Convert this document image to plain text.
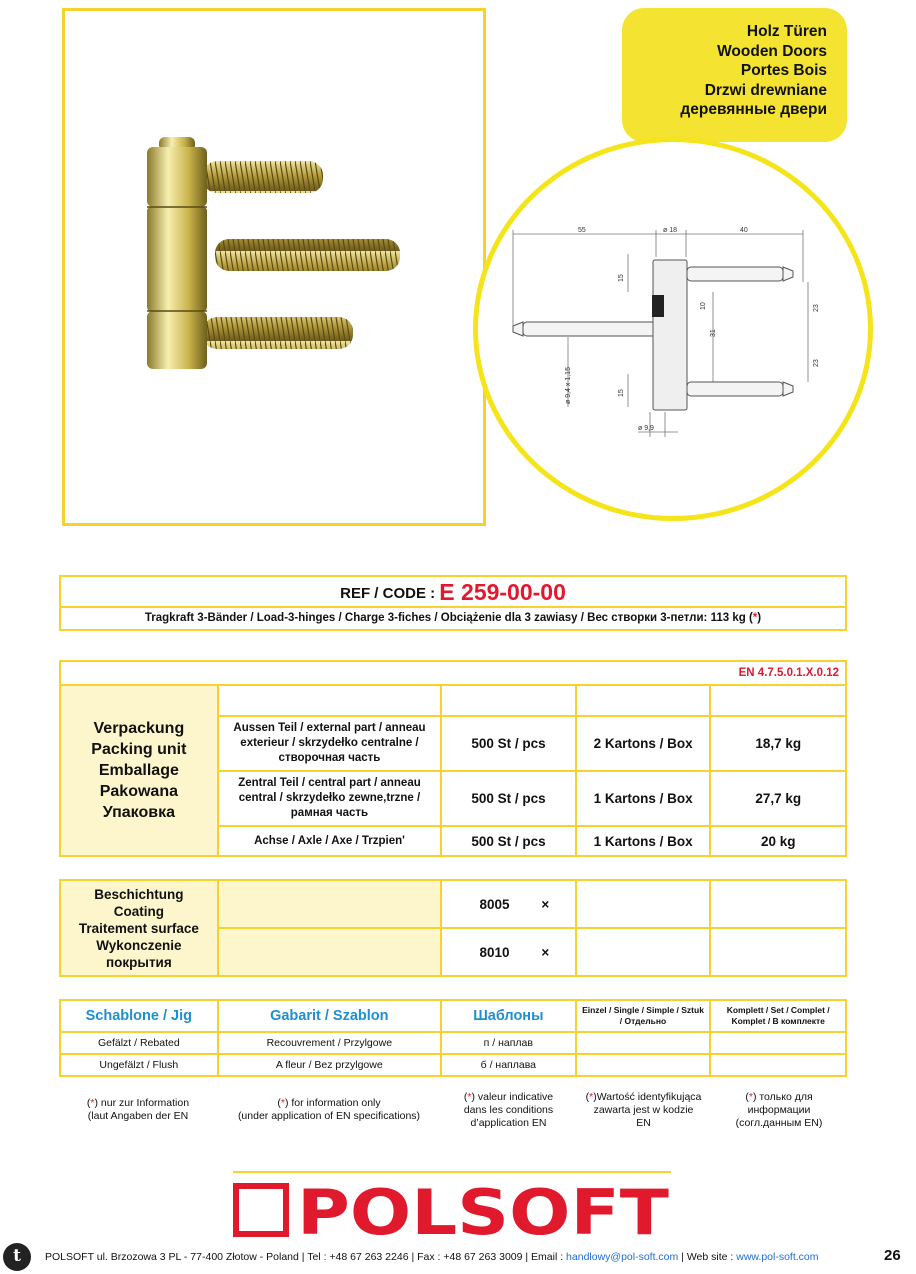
Holz Türen
Wooden Doors
Portes Bois
Drzwi drewniane
деревянные двери
55	ø 18	40
15
10
31
23
23
ø 9,4 x 1,15	15
ø 9,9
REF / CODE : E 259-00-00
Tragkraft 3-Bänder / Load-3-hinges / Charge 3-fiches / Obciążenie dla 3 zawiasy / Вес створки 3-петли: 113 kg (*)
EN 4.7.5.0.1.X.0.12				

Verpackung
Packing unit
Emballage
Pakowana
Упаковка				

	Aussen Teil / external part / anneau exterieur / skrzydełko centralne / створочная часть	500 St / pcs	2 Kartons / Box	18,7 kg
	Zentral Teil / central part / anneau central / skrzydełko zewne,trzne / рамная часть	500 St / pcs	1 Kartons / Box	27,7 kg
	Achse / Axle / Axe / Trzpien'	500 St / pcs	1 Kartons / Box	20 kg
Beschichtung
Coating
Traitement surface
Wykonczenie
покрытия		8005 ×		
		8010 ×		
Schablone / Jig	Gabarit / Szablon	Шаблоны	Einzel / Single / Simple / Sztuk / Отдельно	Komplett / Set / Complet / Komplet / В комплекте
Gefälzt / Rebated	Recouvrement / Przylgowe	п / наплав		
Ungefälzt / Flush	A fleur / Bez przylgowe	б / наплава		
(*) nur zur Information
(laut Angaben der EN
(*) for information only
(under application of EN specifications)
(*) valeur indicative
dans les conditions
d’application EN
(*)Wartość identyfikująca
zawarta jest w kodzie
EN
(*) только для
информации
(согл.данным EN)
POLSOFT
t	POLSOFT ul. Brzozowa 3 PL - 77-400 Złotow - Poland | Tel : +48 67 263 2246 | Fax : +48 67 263 3009 | Email : handlowy@pol-soft.com | Web site : www.pol-soft.com	26
